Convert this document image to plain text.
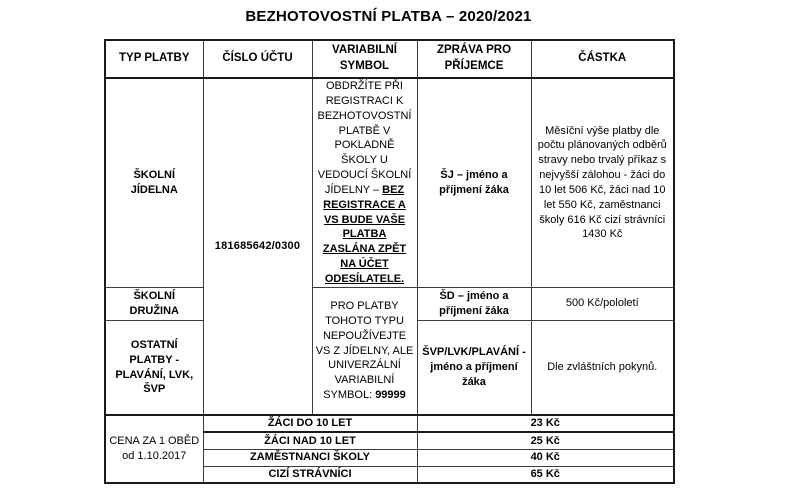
BEZHOTOVOSTNÍ PLATBA – 2020/2021
TYP PLATBY	ČÍSLO ÚČTU	VARIABILNÍ SYMBOL	ZPRÁVA PRO PŘÍJEMCE	ČÁSTKA
ŠKOLNÍ JÍDELNA	181685642/0300	OBDRŽÍTE PŘI REGISTRACI K BEZHOTOVOSTNÍ PLATBĚ V POKLADNĚ ŠKOLY U VEDOUCÍ ŠKOLNÍ JÍDELNY – BEZ REGISTRACE A VS BUDE VAŠE PLATBA ZASLÁNA ZPĚT NA ÚČET ODESÍLATELE.	ŠJ – jméno a příjmení žáka	Měsíční výše platby dle počtu plánovaných odběrů stravy nebo trvalý příkaz s nejvyšší zálohou - žáci do 10 let 506 Kč, žáci nad 10 let 550 Kč, zaměstnanci školy 616 Kč cizí strávníci 1430 Kč
ŠKOLNÍ DRUŽINA		PRO PLATBY TOHOTO TYPU NEPOUŽÍVEJTE VS Z JÍDELNY, ALE UNIVERZÁLNÍ VARIABILNÍ SYMBOL: 99999	ŠD – jméno a příjmení žáka	500 Kč/pololetí
OSTATNÍ PLATBY - PLAVÁNÍ, LVK, ŠVP			ŠVP/LVK/PLAVÁNÍ - jméno a příjmení žáka	Dle zvláštních pokynů.
CENA ZA 1 OBĚD od 1.10.2017	ŽÁCI DO 10 LET		23 Kč	
	ŽÁCI NAD 10 LET		25 Kč	
	ZAMĚSTNANCI ŠKOLY		40 Kč	
	CIZÍ STRÁVNÍCI		65 Kč	
